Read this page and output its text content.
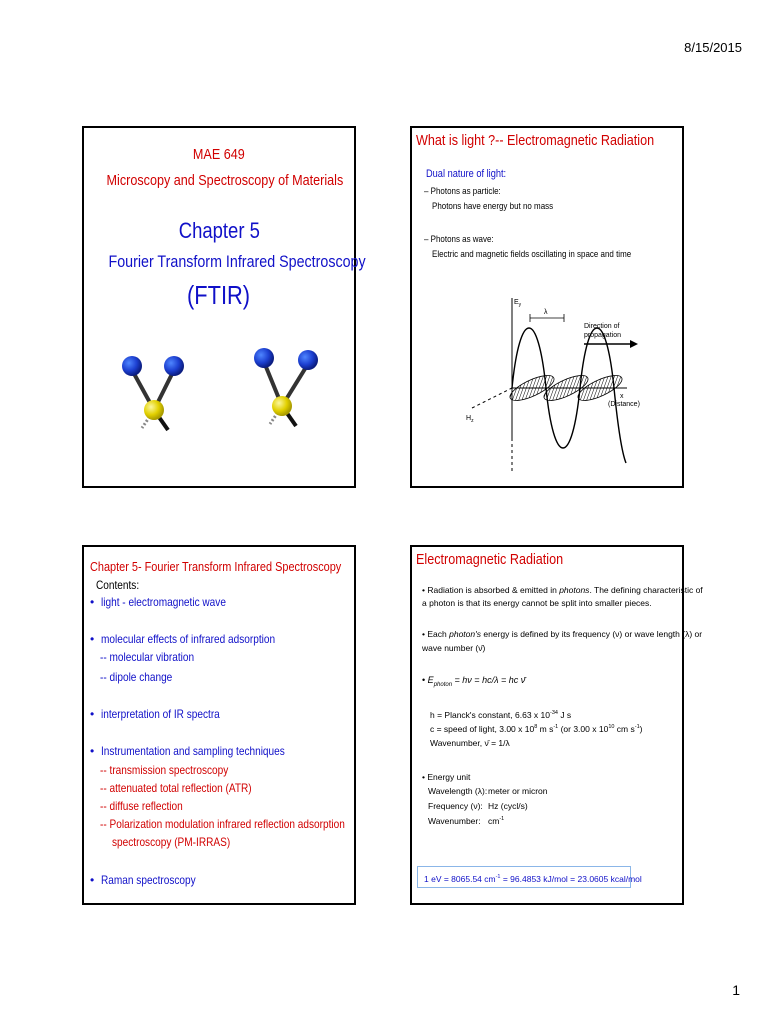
8/15/2015
MAE 649
Microscopy and Spectroscopy of Materials
Chapter 5
Fourier Transform Infrared Spectroscopy
(FTIR)
What is light ?-- Electromagnetic Radiation
Dual nature of light:
– Photons as particle:
Photons have energy but no mass
– Photons as wave:
Electric and magnetic fields oscillating in space and time
$E_y$
λ
Direction of
propagation
x
(Distance)
$H_z$
Chapter 5- Fourier Transform Infrared Spectroscopy
Contents:
• light - electromagnetic wave
• molecular effects of infrared adsorption
-- molecular vibration
-- dipole change
• interpretation of IR spectra
• Instrumentation and sampling techniques
-- transmission spectroscopy
-- attenuated total reflection (ATR)
-- diffuse reflection
-- Polarization modulation infrared reflection adsorption
spectroscopy (PM-IRRAS)
• Raman spectroscopy
Electromagnetic Radiation
• Radiation is absorbed & emitted in photons. The defining characteristic of
a photon is that its energy cannot be split into smaller pieces.
• Each photon's energy is defined by its frequency (ν) or wave length (λ) or
wave number (ν̄)
• $E_{photon} = h\nu = hc/\lambda$ = hc ν̄
h = Planck's constant, 6.63 x $10^{-34}$ J s
c = speed of light, 3.00 x $10^8$ m $s^{-1}$ (or 3.00 x $10^{10}$ cm $s^{-1}$)
Wavenumber, ν̄ = 1/λ
• Energy unit
Wavelength (λ): meter or micron
Frequency (ν): Hz (cycl/s)
Wavenumber: $cm^{-1}$
1 eV = 8065.54 $cm^{-1} = 96.4853$ kJ/mol = 23.0605 kcal/mol
1
